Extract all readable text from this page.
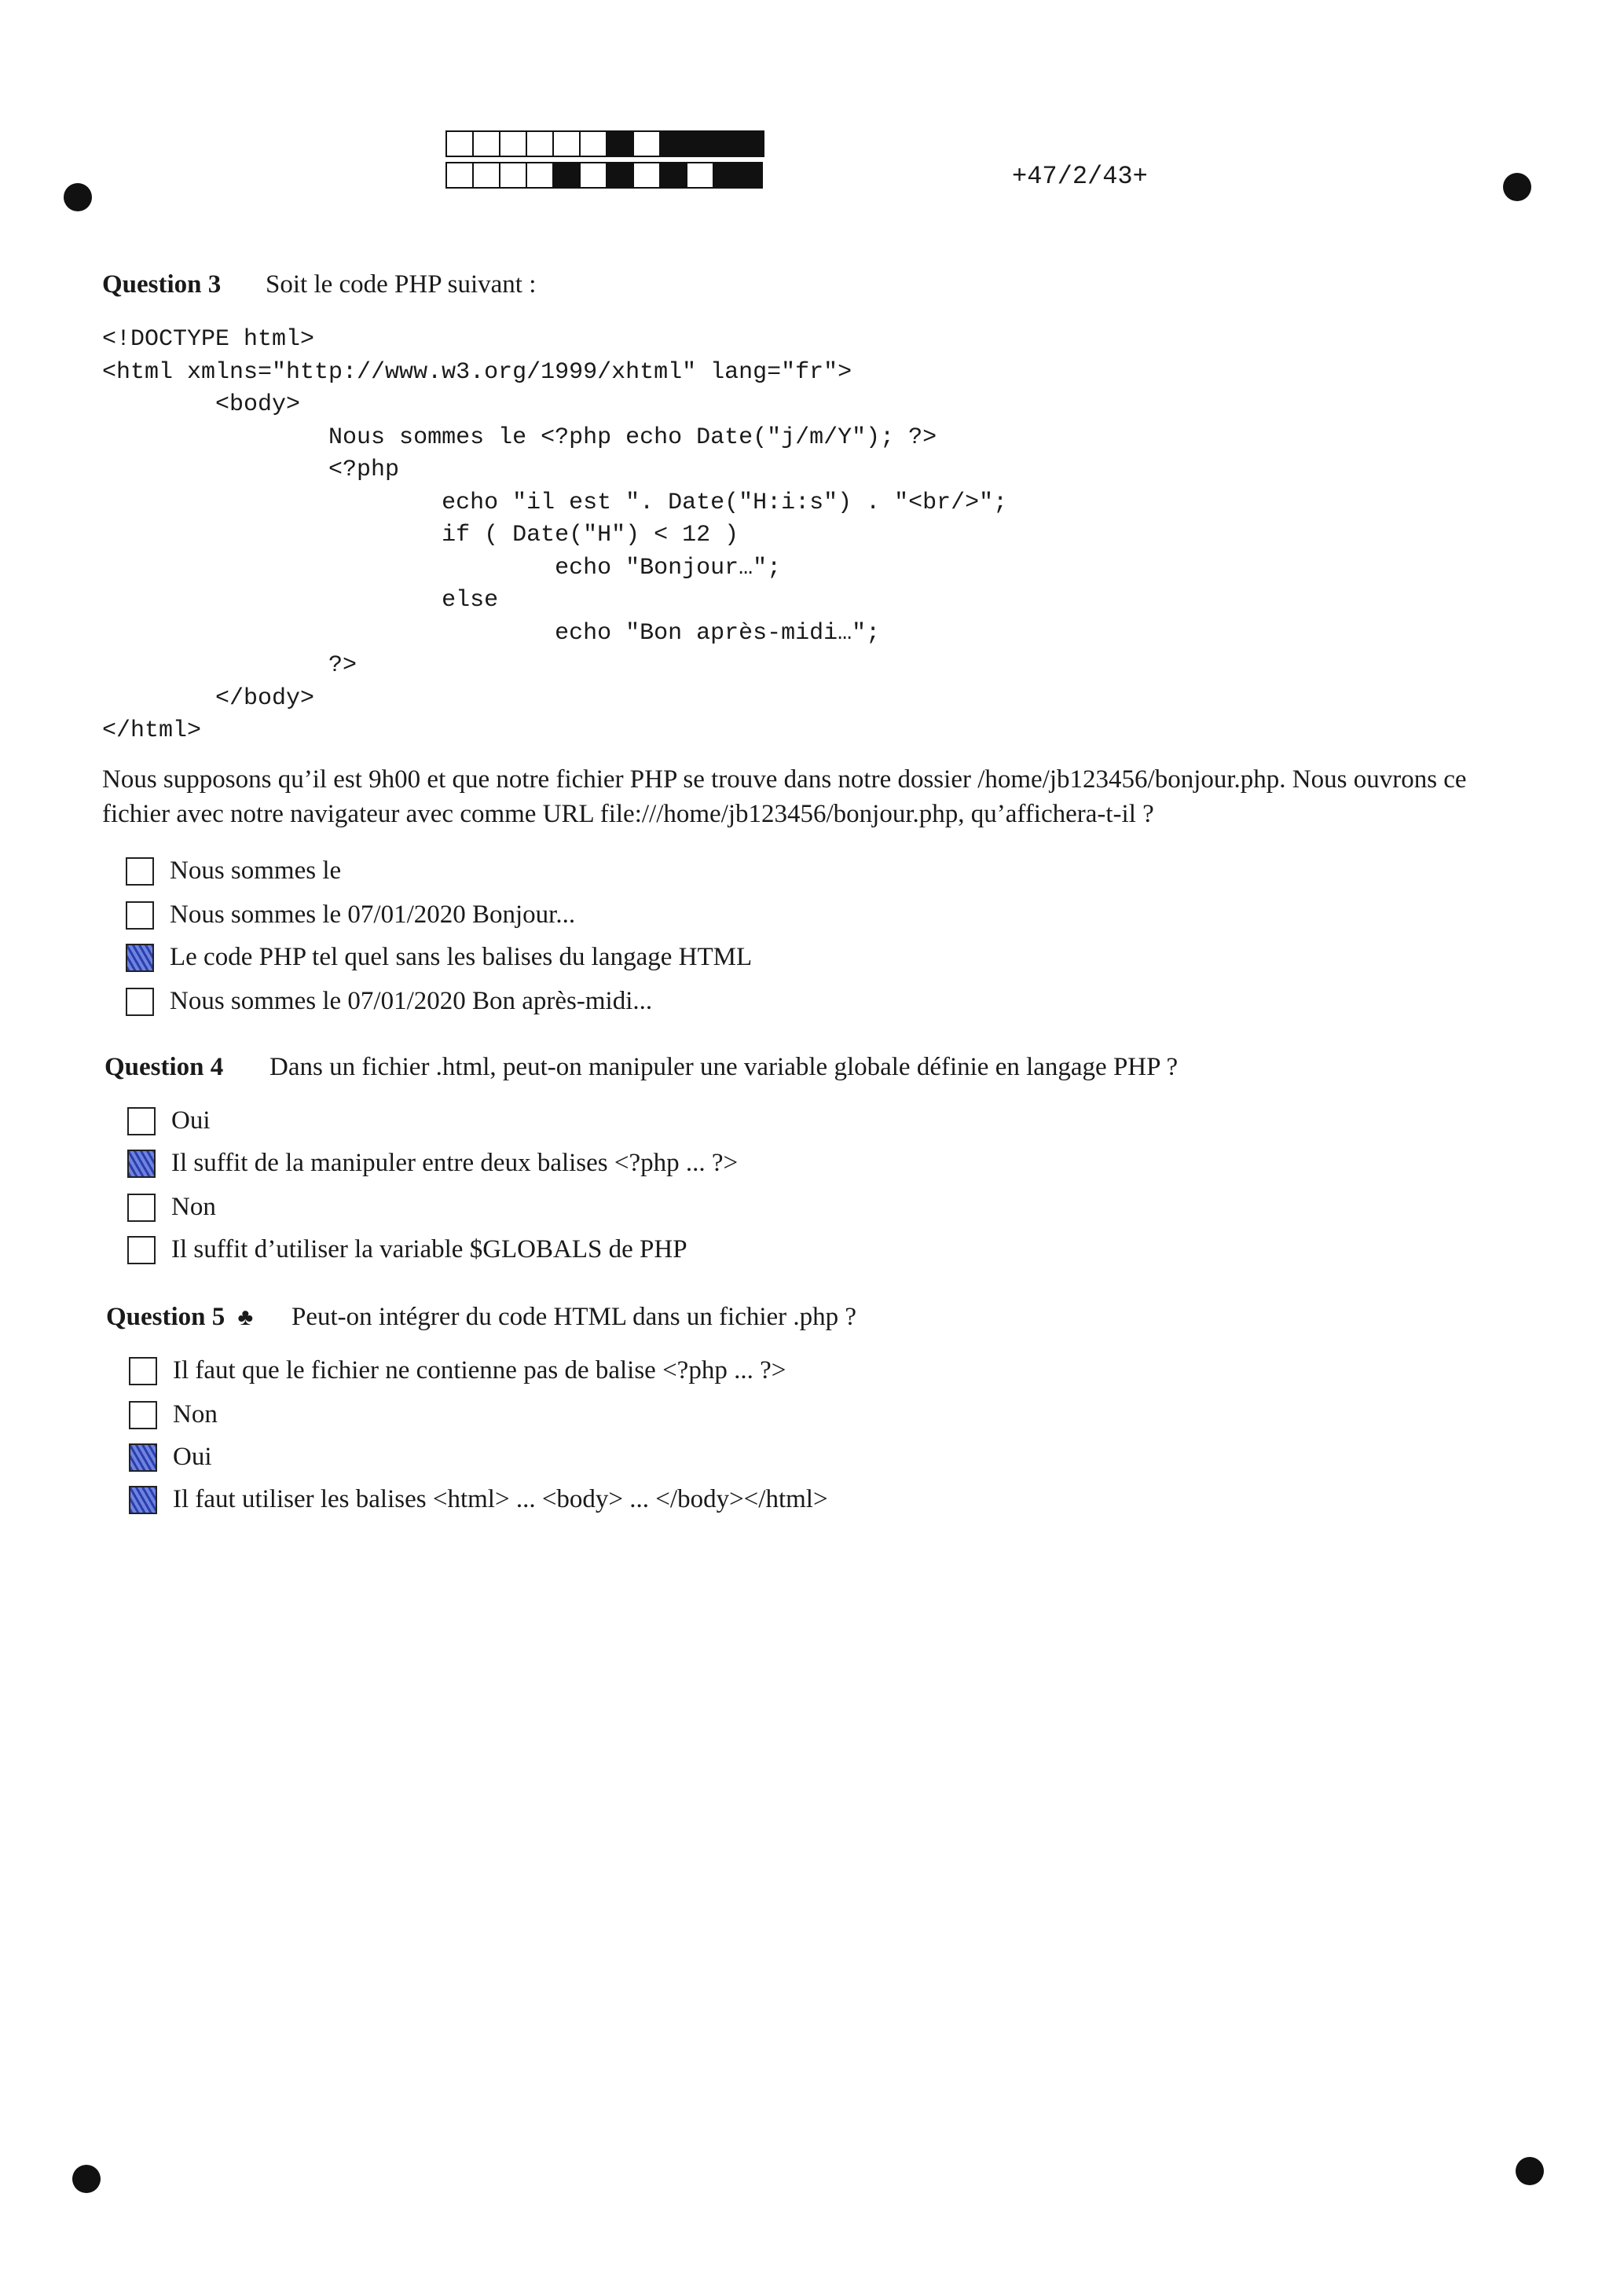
+47/2/43+
Question 3 Soit le code PHP suivant :
<!DOCTYPE html>
<html xmlns="http://www.w3.org/1999/xhtml" lang="fr">
<body>
Nous sommes le <?php echo Date("j/m/Y"); ?>
<?php
echo "il est ". Date("H:i:s") . "<br/>";
if ( Date("H") < 12 )
echo "Bonjour…";
else
echo "Bon après-midi…";
?>
</body>
</html>
Nous supposons qu’il est 9h00 et que notre fichier PHP se trouve dans notre dossier /home/jb123456/bonjour.php. Nous ouvrons ce fichier avec notre navigateur avec comme URL file:///home/jb123456/bonjour.php, qu’affichera-t-il ?
Nous sommes le
Nous sommes le 07/01/2020 Bonjour...
Le code PHP tel quel sans les balises du langage HTML
Nous sommes le 07/01/2020 Bon après-midi...
Question 4 Dans un fichier .html, peut-on manipuler une variable globale définie en langage PHP ?
Oui
Il suffit de la manipuler entre deux balises <?php ... ?>
Non
Il suffit d’utiliser la variable $GLOBALS de PHP
Question 5 ♣ Peut-on intégrer du code HTML dans un fichier .php ?
Il faut que le fichier ne contienne pas de balise <?php ... ?>
Non
Oui
Il faut utiliser les balises <html> ... <body> ... </body></html>
